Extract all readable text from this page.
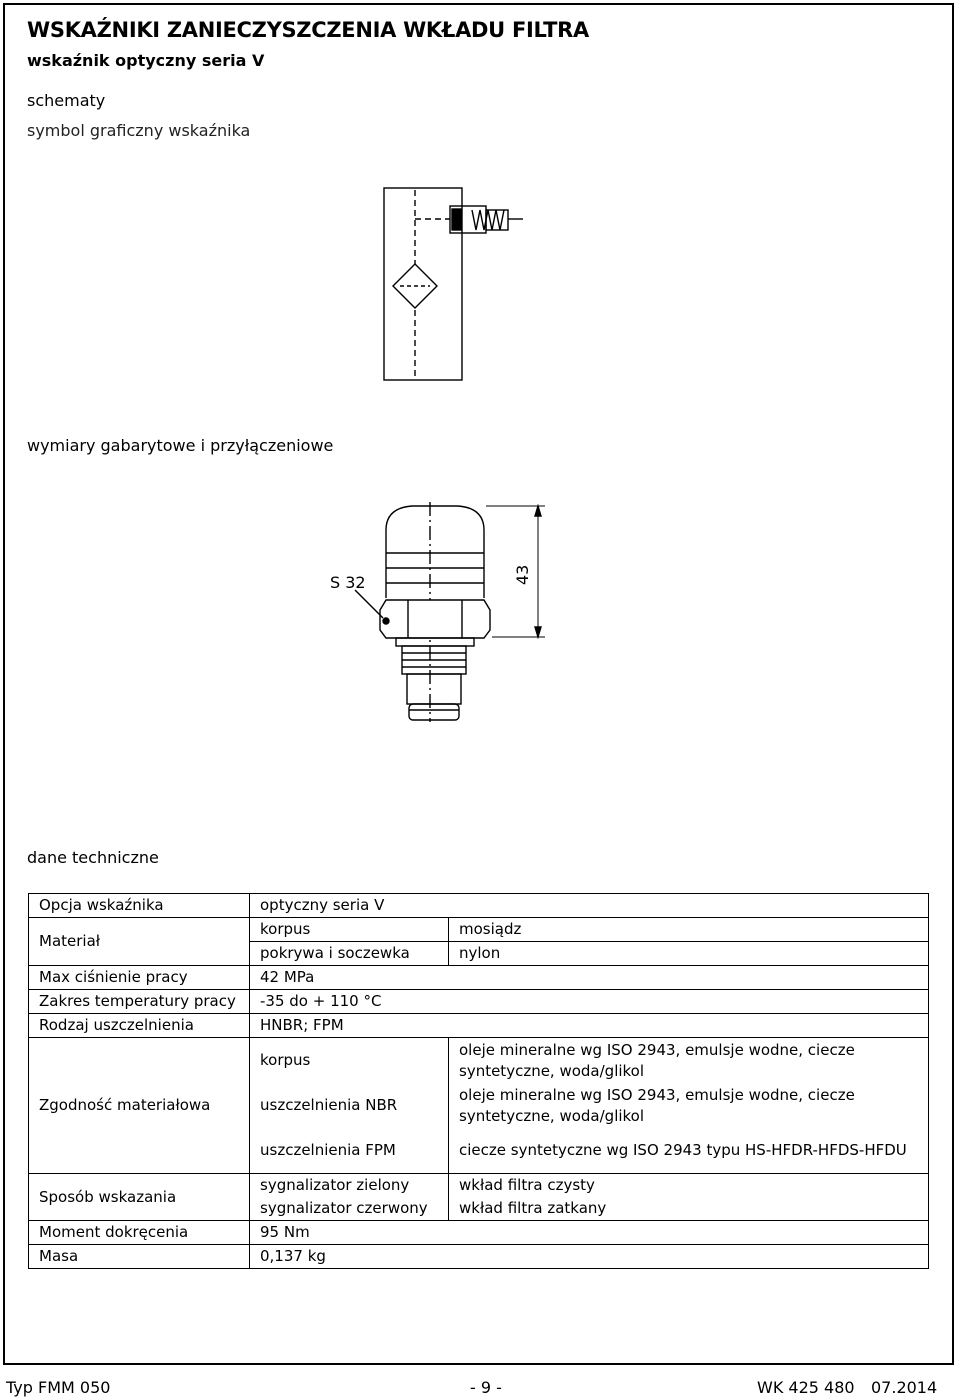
WSKAŹNIKI ZANIECZYSZCZENIA WKŁADU FILTRA
wskaźnik optyczny seria V
schematy
symbol graficzny wskaźnika
wymiary gabarytowe i przyłączeniowe
dane techniczne
S 32	43
Opcja wskaźnika	optyczny seria V	
Materiał	korpus	mosiądz
	pokrywa i soczewka	nylon
Max ciśnienie pracy	42 MPa	
Zakres temperatury pracy	-35 do + 110 °C	
Rodzaj uszczelnienia	HNBR; FPM	
Zgodność materiałowa	korpus	oleje mineralne wg ISO 2943, emulsje wodne, ciecze syntetyczne, woda/glikol
	uszczelnienia NBR	oleje mineralne wg ISO 2943, emulsje wodne, ciecze syntetyczne, woda/glikol
	uszczelnienia FPM	ciecze syntetyczne wg ISO 2943 typu HS-HFDR-HFDS-HFDU
Sposób wskazania	sygnalizator zielony	wkład filtra czysty
	sygnalizator czerwony	wkład filtra zatkany
Moment dokręcenia	95 Nm	
Masa	0,137 kg	
Typ FMM 050	- 9 -	WK 425 480 07.2014
